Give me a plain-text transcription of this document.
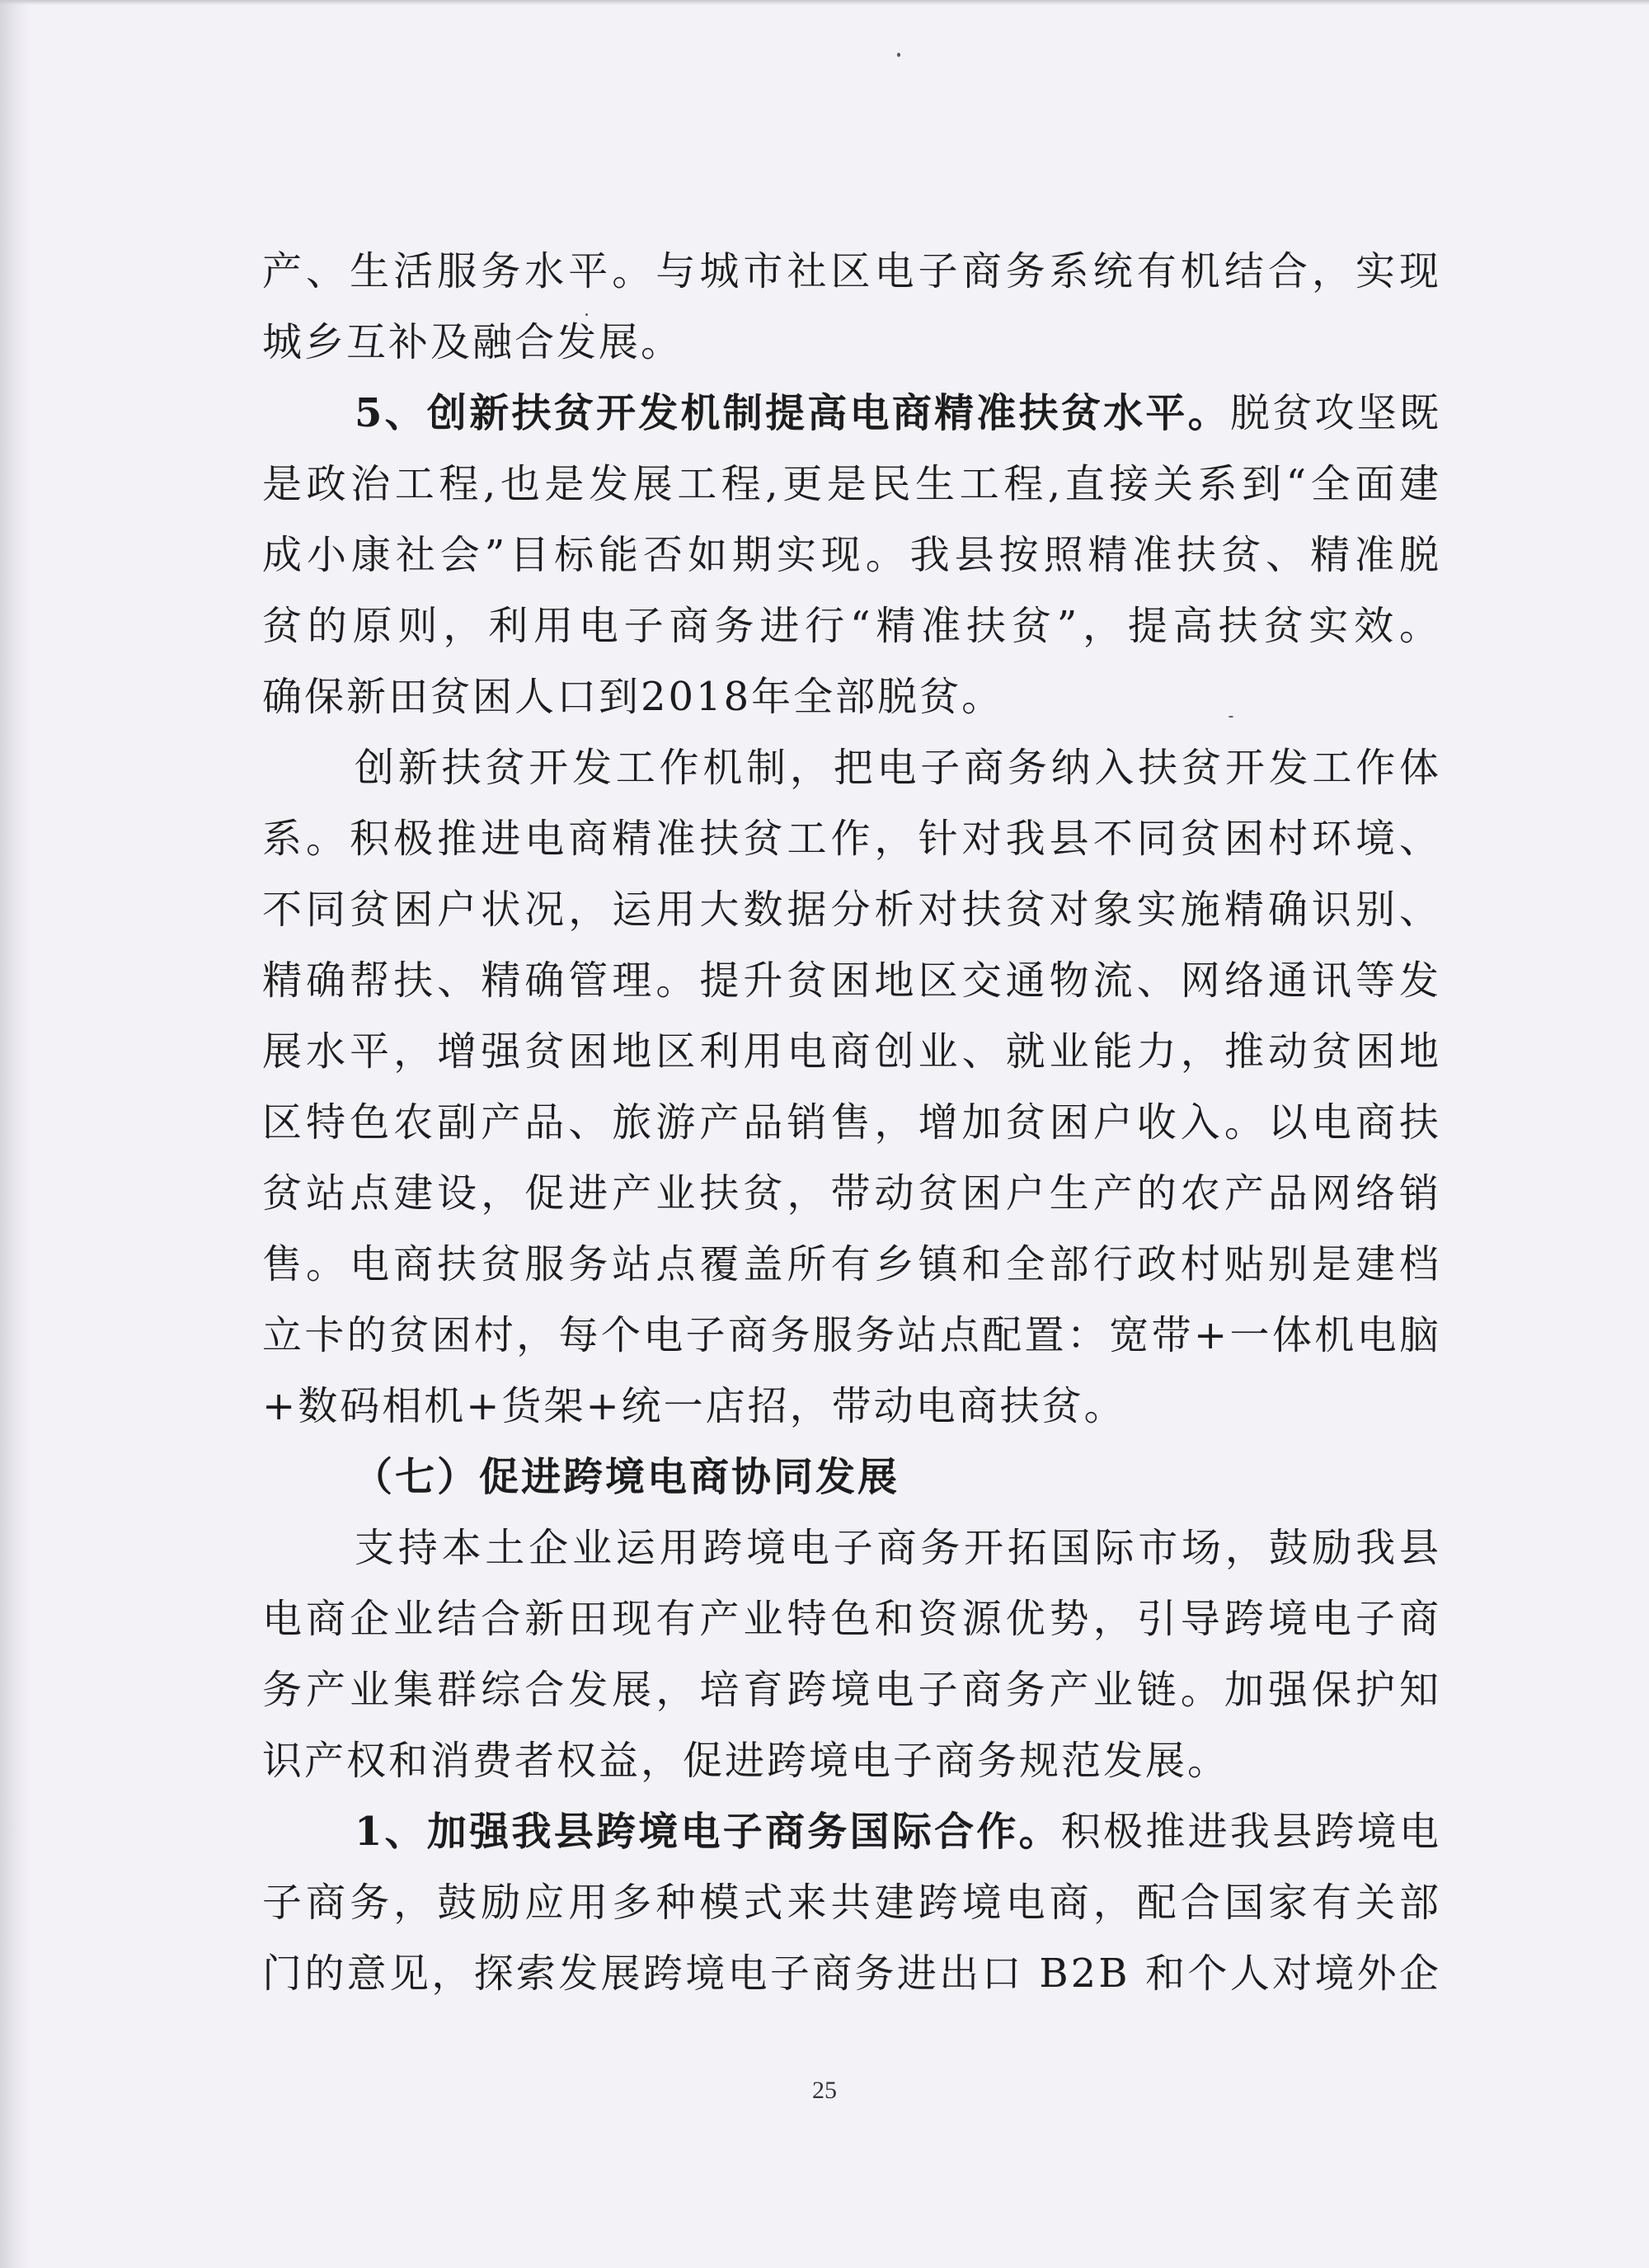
产、生活服务水平。与城市社区电子商务系统有机结合，实现
城乡互补及融合发展。
5、创新扶贫开发机制提高电商精准扶贫水平。脱贫攻坚既
是政治工程,也是发展工程,更是民生工程,直接关系到“全面建
成小康社会”目标能否如期实现。我县按照精准扶贫、精准脱
贫的原则，利用电子商务进行“精准扶贫”，提高扶贫实效。
确保新田贫困人口到2018年全部脱贫。
创新扶贫开发工作机制，把电子商务纳入扶贫开发工作体
系。积极推进电商精准扶贫工作，针对我县不同贫困村环境、
不同贫困户状况，运用大数据分析对扶贫对象实施精确识别、
精确帮扶、精确管理。提升贫困地区交通物流、网络通讯等发
展水平，增强贫困地区利用电商创业、就业能力，推动贫困地
区特色农副产品、旅游产品销售，增加贫困户收入。以电商扶
贫站点建设，促进产业扶贫，带动贫困户生产的农产品网络销
售。电商扶贫服务站点覆盖所有乡镇和全部行政村贴别是建档
立卡的贫困村，每个电子商务服务站点配置：宽带+一体机电脑
+数码相机+货架+统一店招，带动电商扶贫。
（七）促进跨境电商协同发展
支持本土企业运用跨境电子商务开拓国际市场，鼓励我县
电商企业结合新田现有产业特色和资源优势，引导跨境电子商
务产业集群综合发展，培育跨境电子商务产业链。加强保护知
识产权和消费者权益，促进跨境电子商务规范发展。
1、加强我县跨境电子商务国际合作。积极推进我县跨境电
子商务，鼓励应用多种模式来共建跨境电商，配合国家有关部
门的意见，探索发展跨境电子商务进出口 B2B 和个人对境外企
25
